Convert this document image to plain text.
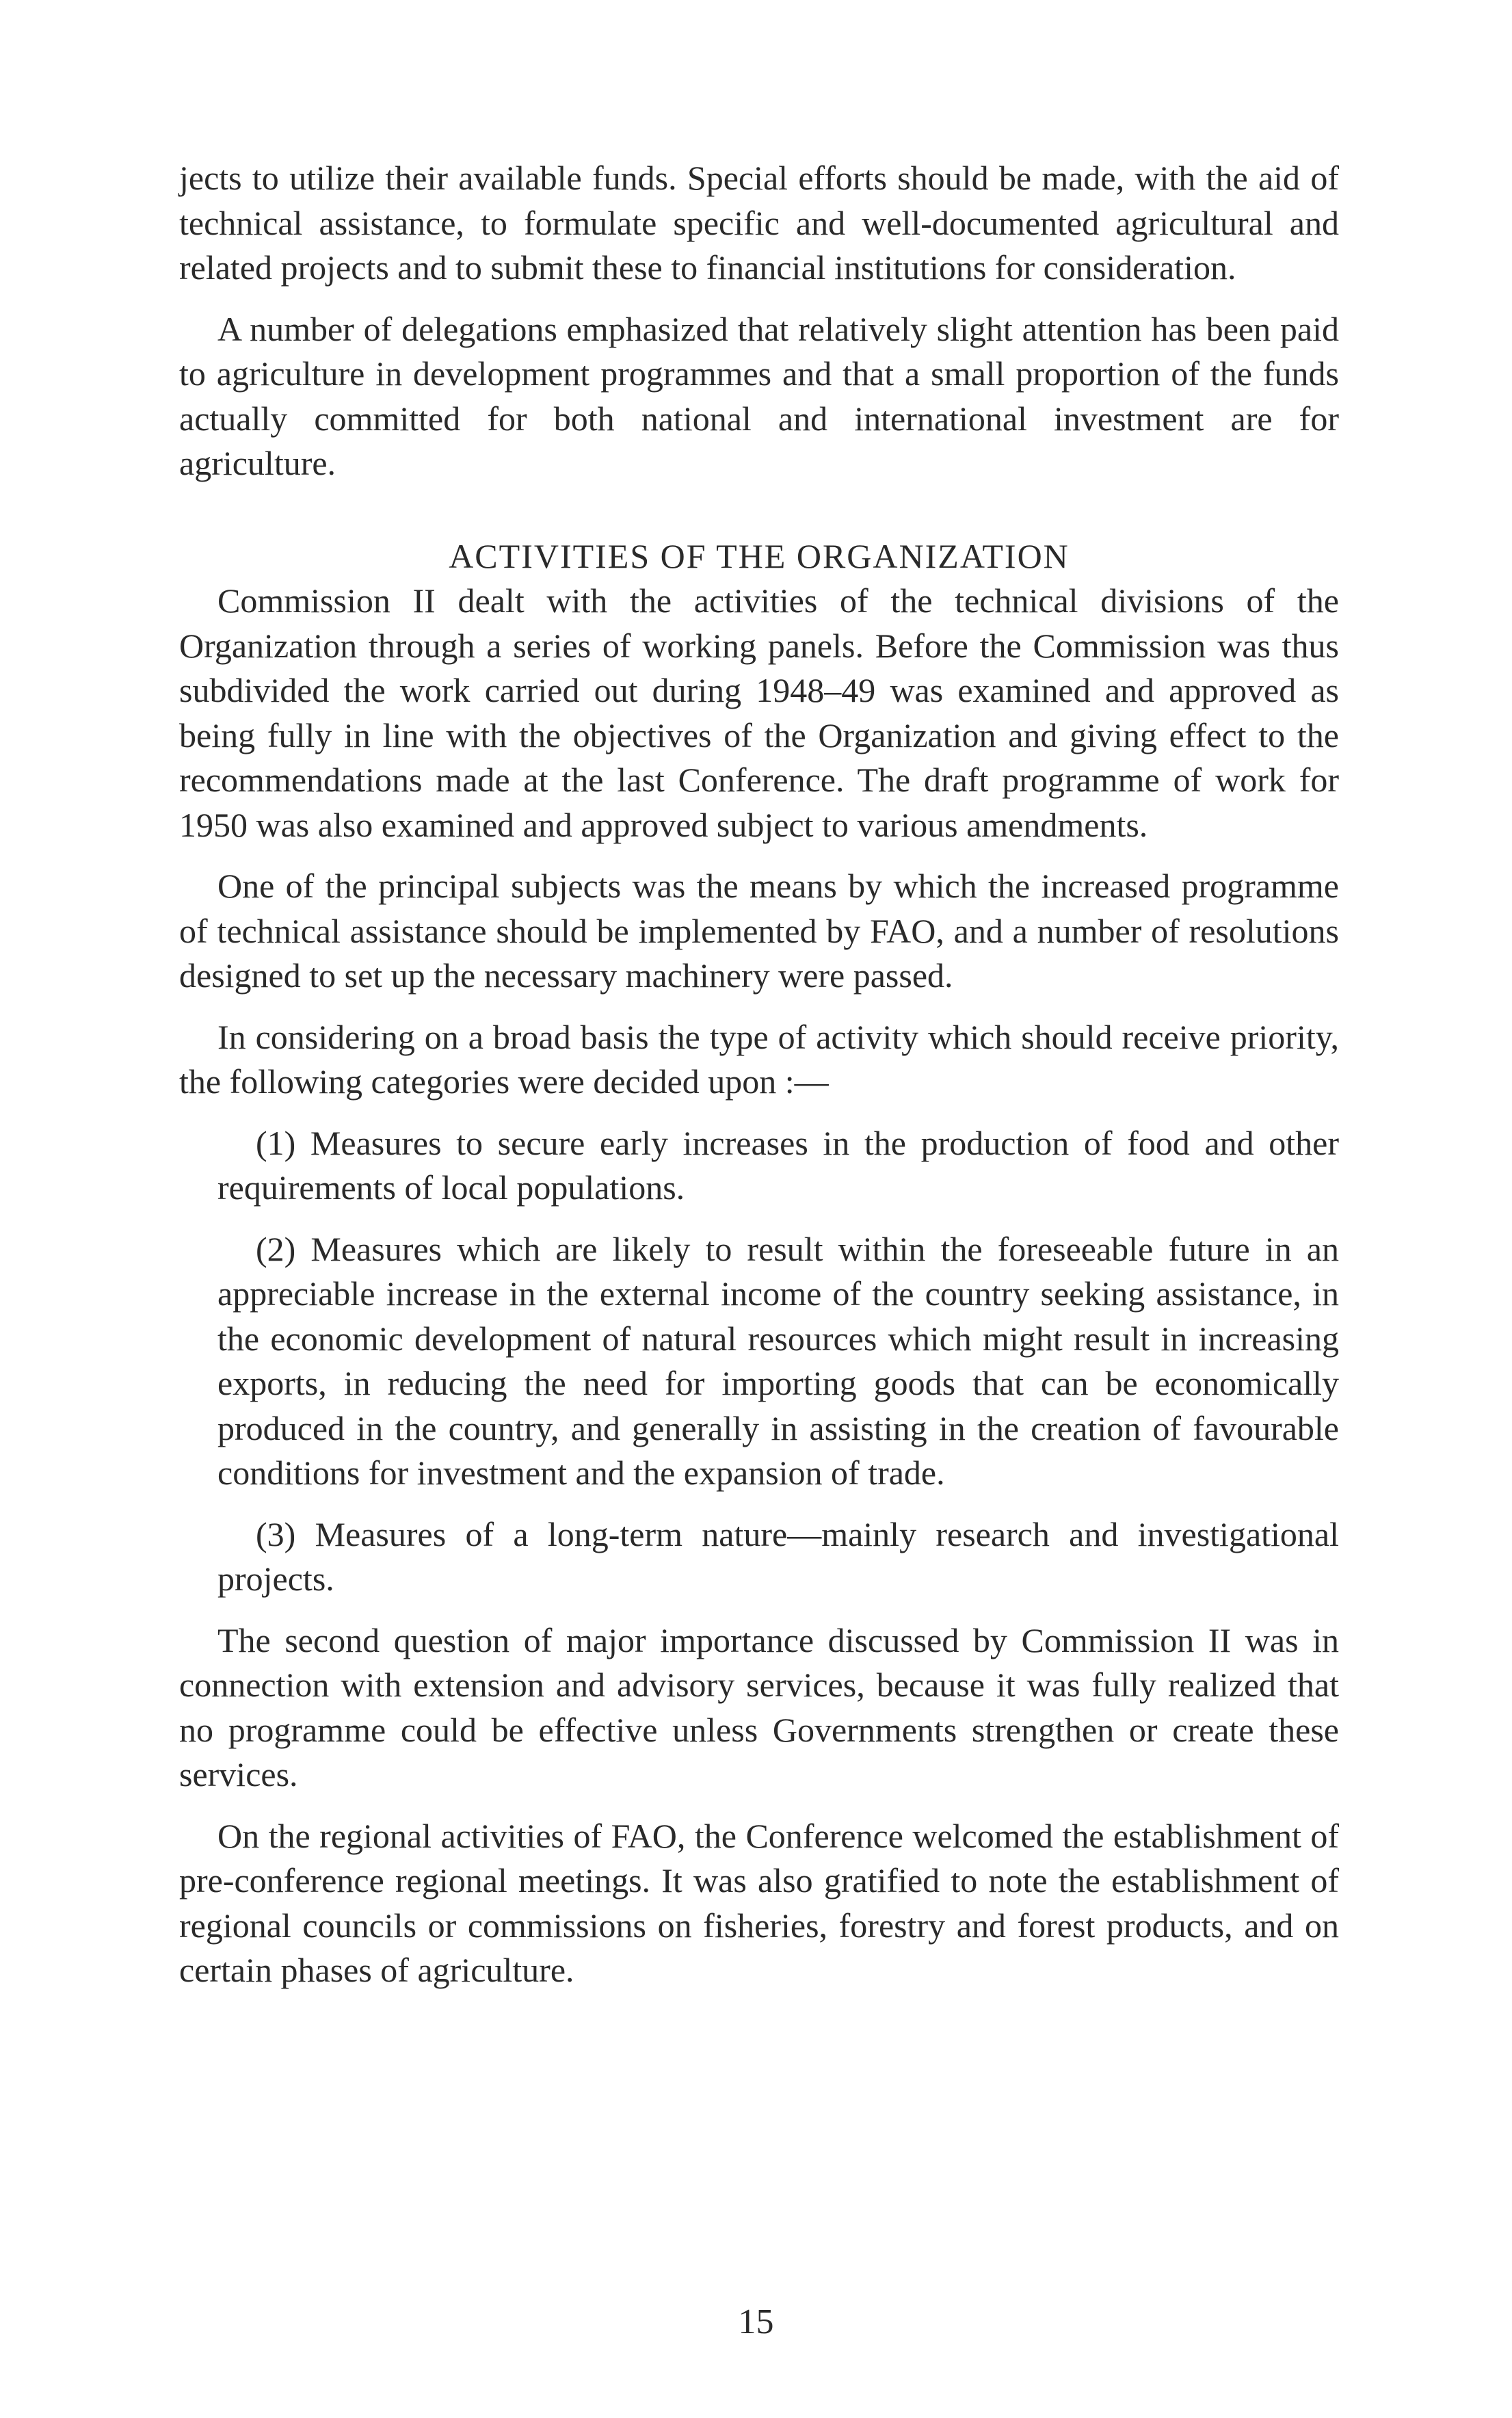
jects to utilize their available funds. Special efforts should be made, with the aid of technical assistance, to formulate specific and well-documented agricultural and related projects and to submit these to financial institutions for consideration.

A number of delegations emphasized that relatively slight attention has been paid to agriculture in development programmes and that a small proportion of the funds actually committed for both national and international investment are for agriculture.

ACTIVITIES OF THE ORGANIZATION

Commission II dealt with the activities of the technical divisions of the Organization through a series of working panels. Before the Commission was thus subdivided the work carried out during 1948–49 was examined and approved as being fully in line with the objectives of the Organization and giving effect to the recommendations made at the last Conference. The draft programme of work for 1950 was also examined and approved subject to various amendments.

One of the principal subjects was the means by which the increased programme of technical assistance should be implemented by FAO, and a number of resolutions designed to set up the necessary machinery were passed.

In considering on a broad basis the type of activity which should receive priority, the following categories were decided upon :—

(1) Measures to secure early increases in the production of food and other requirements of local populations.

(2) Measures which are likely to result within the foreseeable future in an appreciable increase in the external income of the country seeking assistance, in the economic development of natural resources which might result in increasing exports, in reducing the need for importing goods that can be economically produced in the country, and generally in assisting in the creation of favourable conditions for investment and the expansion of trade.

(3) Measures of a long-term nature—mainly research and investigational projects.

The second question of major importance discussed by Commission II was in connection with extension and advisory services, because it was fully realized that no programme could be effective unless Governments strengthen or create these services.

On the regional activities of FAO, the Conference welcomed the establishment of pre-conference regional meetings. It was also gratified to note the establishment of regional councils or commissions on fisheries, forestry and forest products, and on certain phases of agriculture.

15
